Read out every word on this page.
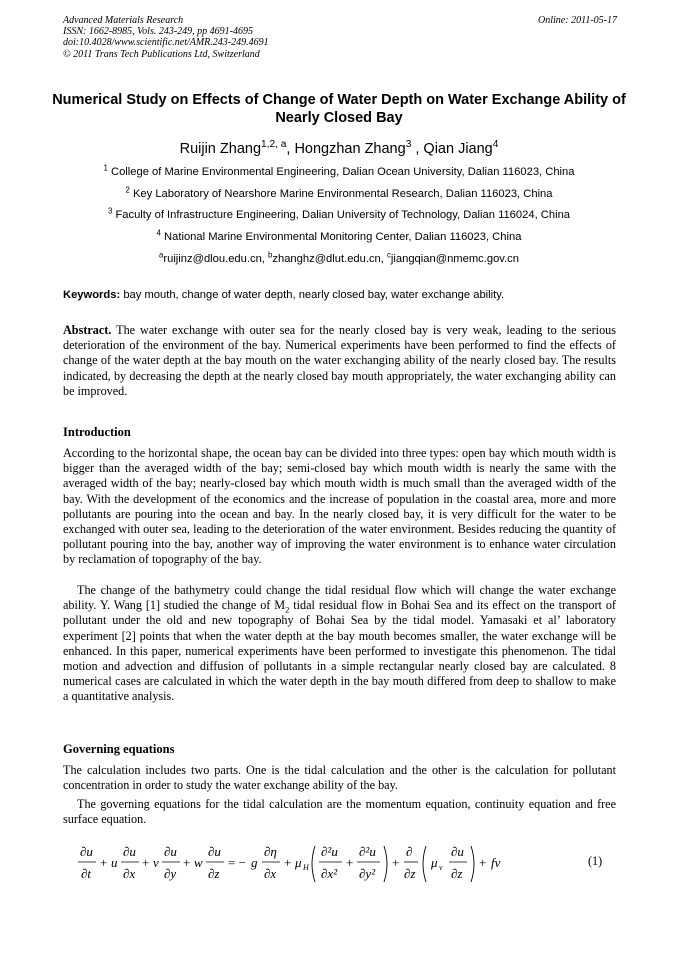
Advanced Materials Research
ISSN: 1662-8985, Vols. 243-249, pp 4691-4695
doi:10.4028/www.scientific.net/AMR.243-249.4691
© 2011 Trans Tech Publications Ltd, Switzerland
Online: 2011-05-17
Numerical Study on Effects of Change of Water Depth on Water Exchange Ability of Nearly Closed Bay
Ruijin Zhang$^{1,2, a}$, Hongzhan Zhang$^3$ , Qian Jiang$^4$
$^1$ College of Marine Environmental Engineering, Dalian Ocean University, Dalian 116023, China
$^2$ Key Laboratory of Nearshore Marine Environmental Research, Dalian 116023, China
$^3$ Faculty of Infrastructure Engineering, Dalian University of Technology, Dalian 116024, China
$^4$ National Marine Environmental Monitoring Center, Dalian 116023, China
$^a$ruijinz@dlou.edu.cn, $^b$zhanghz@dlut.edu.cn, $^c$jiangqian@nmemc.gov.cn
Keywords: bay mouth, change of water depth, nearly closed bay, water exchange ability.
Abstract. The water exchange with outer sea for the nearly closed bay is very weak, leading to the serious deterioration of the environment of the bay. Numerical experiments have been performed to find the effects of change of the water depth at the bay mouth on the water exchanging ability of the nearly closed bay. The results indicated, by decreasing the depth at the nearly closed bay mouth appropriately, the water exchanging ability can be improved.
Introduction
According to the horizontal shape, the ocean bay can be divided into three types: open bay which mouth width is bigger than the averaged width of the bay; semi-closed bay which mouth width is nearly the same with the averaged width of the bay; nearly-closed bay which mouth width is much small than the averaged width of the bay. With the development of the economics and the increase of population in the coastal area, more and more pollutants are pouring into the ocean and bay. In the nearly closed bay, it is very difficult for the water to be exchanged with outer sea, leading to the deterioration of the water environment. Besides reducing the quantity of pollutant pouring into the bay, another way of improving the water environment is to enhance water circulation by reclamation of topography of the bay.
The change of the bathymetry could change the tidal residual flow which will change the water exchange ability. Y. Wang [1] studied the change of $M_2$ tidal residual flow in Bohai Sea and its effect on the transport of pollutant under the old and new topography of Bohai Sea by the tidal model. Yamasaki et al’ laboratory experiment [2] points that when the water depth at the bay mouth becomes smaller, the water exchange will be enhanced. In this paper, numerical experiments have been performed to investigate this phenomenon. The tidal motion and advection and diffusion of pollutants in a simple rectangular nearly closed bay are calculated. 8 numerical cases are calculated in which the water depth in the bay mouth differed from deep to shallow to make a quantitative analysis.
Governing equations
The calculation includes two parts. One is the tidal calculation and the other is the calculation for pollutant concentration in order to study the water exchange ability of the bay.
The governing equations for the tidal calculation are the momentum equation, continuity equation and free surface equation.
∂u
∂t
+ u
∂u
∂x
+ v
∂u
∂y
+ w
∂u
∂z
= − g
∂η
∂x
+ μ H
∂²u
∂x²
+
∂²u
∂y²
+
∂
∂z
μ v
∂u
∂z
+ fv	(1)
